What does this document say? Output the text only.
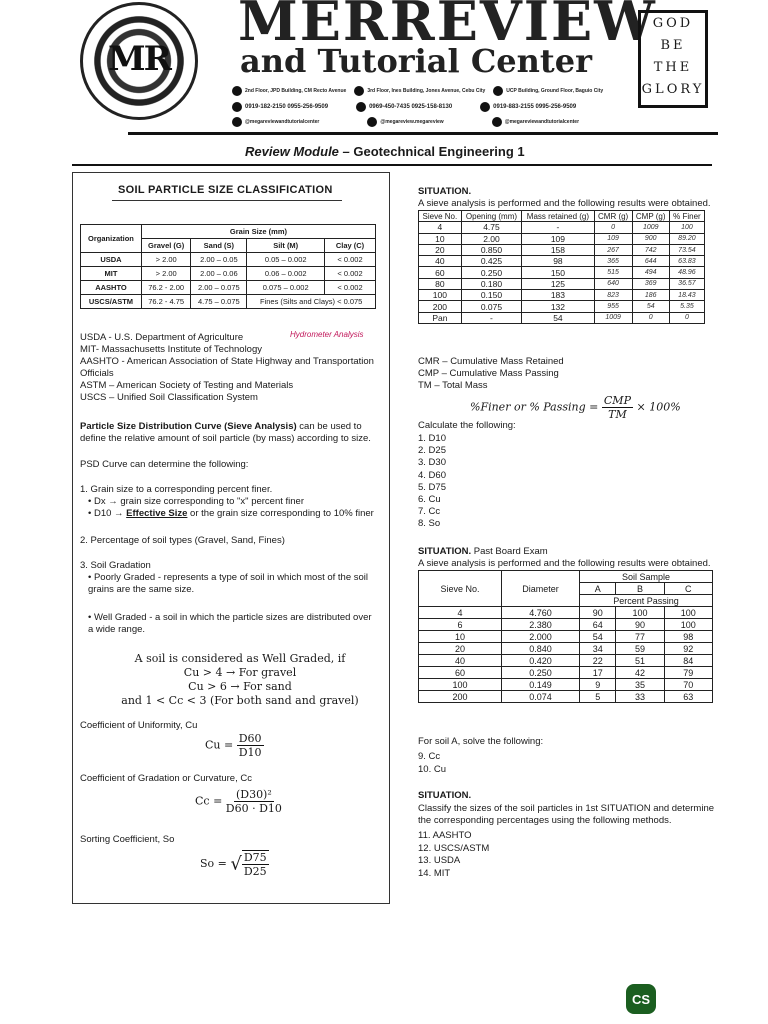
MR
MERREVIEW
and Tutorial Center
2nd Floor, JPD Building, CM Recto Avenue	3rd Floor, Ines Building, Jones Avenue, Cebu City	UCP Building, Ground Floor, Baguio City
0919-182-2150 0955-256-9509	0969-450-7435 0925-158-8130	0919-883-2155 0995-256-9509
@megareviewandtutorialcenter	@megareview.megareview	@megareviewandtutorialcenter
GOD
BE
THE
GLORY
Review Module – Geotechnical Engineering 1
SOIL PARTICLE SIZE CLASSIFICATION
Organization	Grain Size (mm)			
	Gravel (G)	Sand (S)	Silt (M)	Clay (C)
USDA	> 2.00	2.00 – 0.05	0.05 – 0.002	< 0.002
MIT	> 2.00	2.00 – 0.06	0.06 – 0.002	< 0.002
AASHTO	76.2 - 2.00	2.00 – 0.075	0.075 – 0.002	< 0.002
USCS/ASTM	76.2 - 4.75	4.75 – 0.075	Fines (Silts and Clays) < 0.075	
Hydrometer Analysis
USDA - U.S. Department of Agriculture
MIT- Massachusetts Institute of Technology
AASHTO - American Association of State Highway and Transportation Officials
ASTM – American Society of Testing and Materials
USCS – Unified Soil Classification System
Particle Size Distribution Curve (Sieve Analysis) can be used to define the relative amount of soil particle (by mass) according to size.
PSD Curve can determine the following:
1. Grain size to a corresponding percent finer.
• Dx → grain size corresponding to "x" percent finer
• D10 → Effective Size or the grain size corresponding to 10% finer
2. Percentage of soil types (Gravel, Sand, Fines)
3. Soil Gradation
• Poorly Graded - represents a type of soil in which most of the soil grains are the same size.
• Well Graded - a soil in which the particle sizes are distributed over a wide range.
A soil is considered as Well Graded, if
Cu > 4 → For gravel
Cu > 6 → For sand
and 1 < Cc < 3 (For both sand and gravel)
Coefficient of Uniformity, Cu
$Cu = \frac{D60}{D10}$
Coefficient of Gradation or Curvature, Cc
$Cc = \frac{\text{(D30)²}}{D60 \cdot D10}$
Sorting Coefficient, So
So = √ $\frac{D75}{D25}$
SITUATION.
A sieve analysis is performed and the following results were obtained.
Sieve No.	Opening (mm)	Mass retained (g)	CMR (g)	CMP (g)	% Finer
4	4.75	-	0	1009	100
10	2.00	109	109	900	89.20
20	0.850	158	267	742	73.54
40	0.425	98	365	644	63.83
60	0.250	150	515	494	48.96
80	0.180	125	640	369	36.57
100	0.150	183	823	186	18.43
200	0.075	132	955	54	5.35
Pan	-	54	1009	0	0
CMR – Cumulative Mass Retained
CMP – Cumulative Mass Passing
TM – Total Mass
%Finer or % $Passing = \frac{\text{CMP}}{TM} \times 100\%$
Calculate the following:
1. D10
2. D25
3. D30
4. D60
5. D75
6. Cu
7. Cc
8. So
SITUATION. Past Board Exam
A sieve analysis is performed and the following results were obtained.
Sieve No.	Diameter	Soil Sample		
		A	B	C
		Percent Passing		
4	4.760	90	100	100
6	2.380	64	90	100
10	2.000	54	77	98
20	0.840	34	59	92
40	0.420	22	51	84
60	0.250	17	42	79
100	0.149	9	35	70
200	0.074	5	33	63
For soil A, solve the following:
9. Cc
10. Cu
SITUATION.
Classify the sizes of the soil particles in 1st SITUATION and determine the corresponding percentages using the following methods.
11. AASHTO
12. USCS/ASTM
13. USDA
14. MIT
CS
